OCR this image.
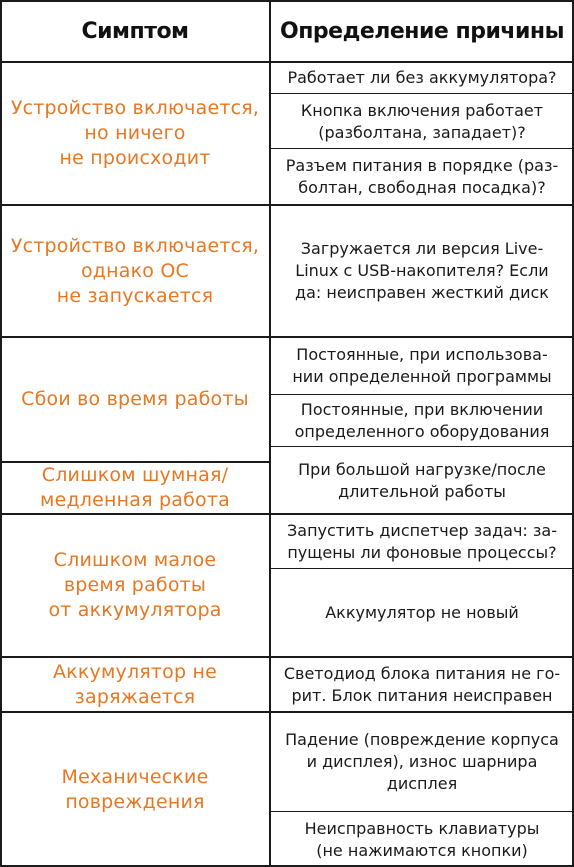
Симптом	Определение причины
Устройство включается,
но ничего
не происходит
Устройство включается,
однако ОС
не запускается
Сбои во время работы
Слишком шумная/
медленная работа
Слишком малое
время работы
от аккумулятора
Аккумулятор не
заряжается
Механические
повреждения
Работает ли без аккумулятора?
Кнопка включения работает
(разболтана, западает)?
Разъем питания в порядке (раз-
болтан, свободная посадка)?
Загружается ли версия Live-
Linux с USB-накопителя? Если
да: неисправен жесткий диск
Постоянные, при использова-
нии определенной программы
Постоянные, при включении
определенного оборудования
При большой нагрузке/после
длительной работы
Запустить диспетчер задач: за-
пущены ли фоновые процессы?
Аккумулятор не новый
Светодиод блока питания не го-
рит. Блок питания неисправен
Падение (повреждение корпуса
и дисплея), износ шарнира
дисплея
Неисправность клавиатуры
(не нажимаются кнопки)
